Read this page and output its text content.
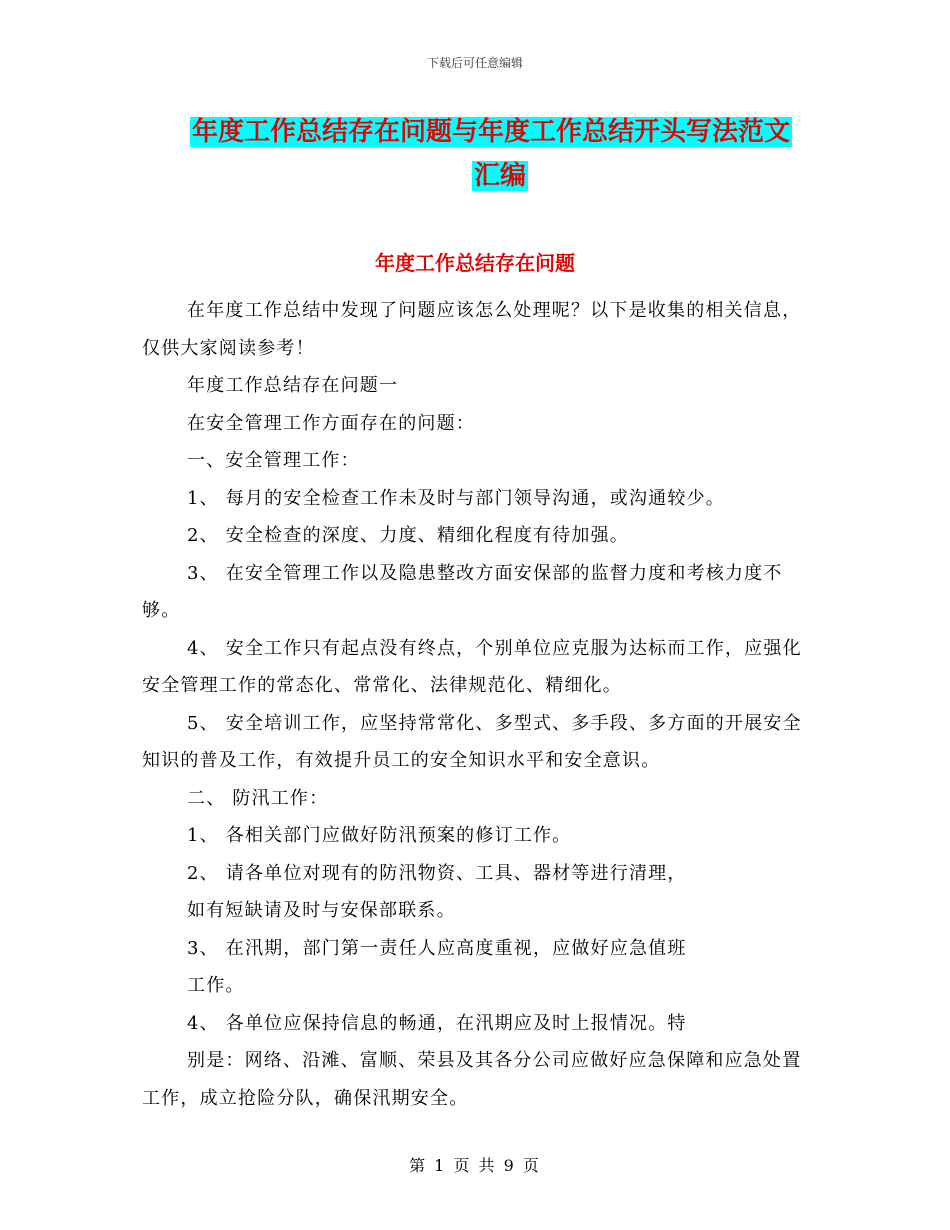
下载后可任意编辑
年度工作总结存在问题与年度工作总结开头写法范文
汇编
年度工作总结存在问题

在年度工作总结中发现了问题应该怎么处理呢？以下是收集的相关信息，仅供大家阅读参考！

年度工作总结存在问题一

在安全管理工作方面存在的问题：

一、安全管理工作：

1、 每月的安全检查工作未及时与部门领导沟通，或沟通较少。

2、 安全检查的深度、力度、精细化程度有待加强。

3、 在安全管理工作以及隐患整改方面安保部的监督力度和考核力度不够。

4、 安全工作只有起点没有终点，个别单位应克服为达标而工作，应强化安全管理工作的常态化、常常化、法律规范化、精细化。

5、 安全培训工作，应坚持常常化、多型式、多手段、多方面的开展安全知识的普及工作，有效提升员工的安全知识水平和安全意识。

二、 防汛工作：

1、 各相关部门应做好防汛预案的修订工作。

2、 请各单位对现有的防汛物资、工具、器材等进行清理，

如有短缺请及时与安保部联系。

3、 在汛期，部门第一责任人应高度重视，应做好应急值班

工作。

4、 各单位应保持信息的畅通，在汛期应及时上报情况。特

别是：网络、沿滩、富顺、荣县及其各分公司应做好应急保障和应急处置工作，成立抢险分队，确保汛期安全。

第 1 页 共 9 页
